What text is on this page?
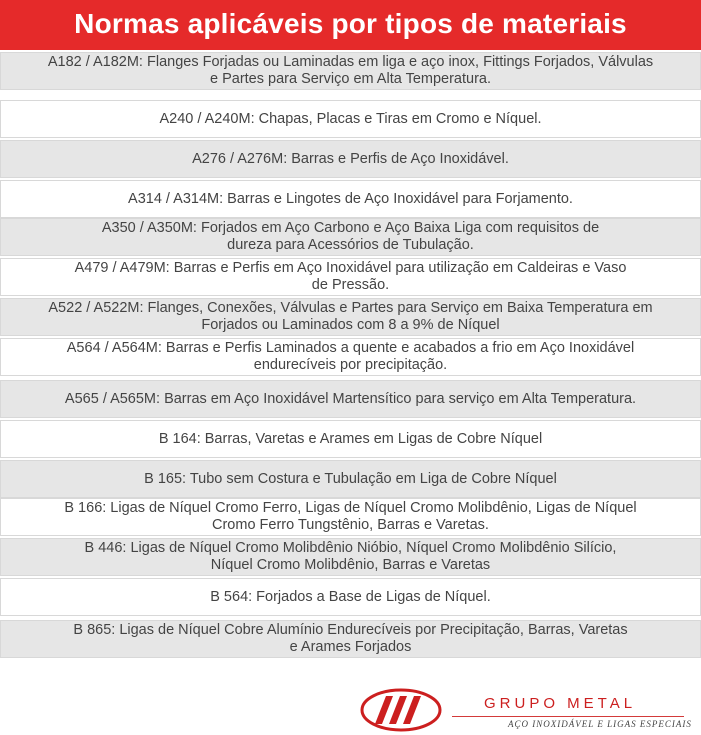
Normas aplicáveis por tipos de materiais
A182 / A182M: Flanges Forjadas ou Laminadas em liga e aço inox, Fittings Forjados, Válvulas
e Partes para Serviço em Alta Temperatura.
A240 / A240M: Chapas, Placas e Tiras em Cromo e Níquel.
A276 / A276M: Barras e Perfis de Aço Inoxidável.
A314 / A314M: Barras e Lingotes de Aço Inoxidável para Forjamento.
A350 / A350M: Forjados em Aço Carbono e Aço Baixa Liga com requisitos de
dureza para Acessórios de Tubulação.
A479 / A479M: Barras e Perfis em Aço Inoxidável para utilização em Caldeiras e Vaso
de Pressão.
A522 / A522M: Flanges, Conexões, Válvulas e Partes para Serviço em Baixa Temperatura em
Forjados ou Laminados com 8 a 9% de Níquel
A564 / A564M: Barras e Perfis Laminados a quente e acabados a frio em Aço Inoxidável
endurecíveis por precipitação.
A565 / A565M: Barras em Aço Inoxidável Martensítico para serviço em Alta Temperatura.
B 164: Barras, Varetas e Arames em Ligas de Cobre Níquel
B 165: Tubo sem Costura e Tubulação em Liga de Cobre Níquel
B 166: Ligas de Níquel Cromo Ferro, Ligas de Níquel Cromo Molibdênio, Ligas de Níquel
Cromo Ferro Tungstênio, Barras e Varetas.
B 446: Ligas de Níquel Cromo Molibdênio Nióbio, Níquel Cromo Molibdênio Silício,
Níquel Cromo Molibdênio, Barras e Varetas
B 564: Forjados a Base de Ligas de Níquel.
B 865: Ligas de Níquel Cobre Alumínio Endurecíveis por Precipitação, Barras, Varetas
e Arames Forjados
GRUPO METAL
AÇO INOXIDÁVEL E LIGAS ESPECIAIS
